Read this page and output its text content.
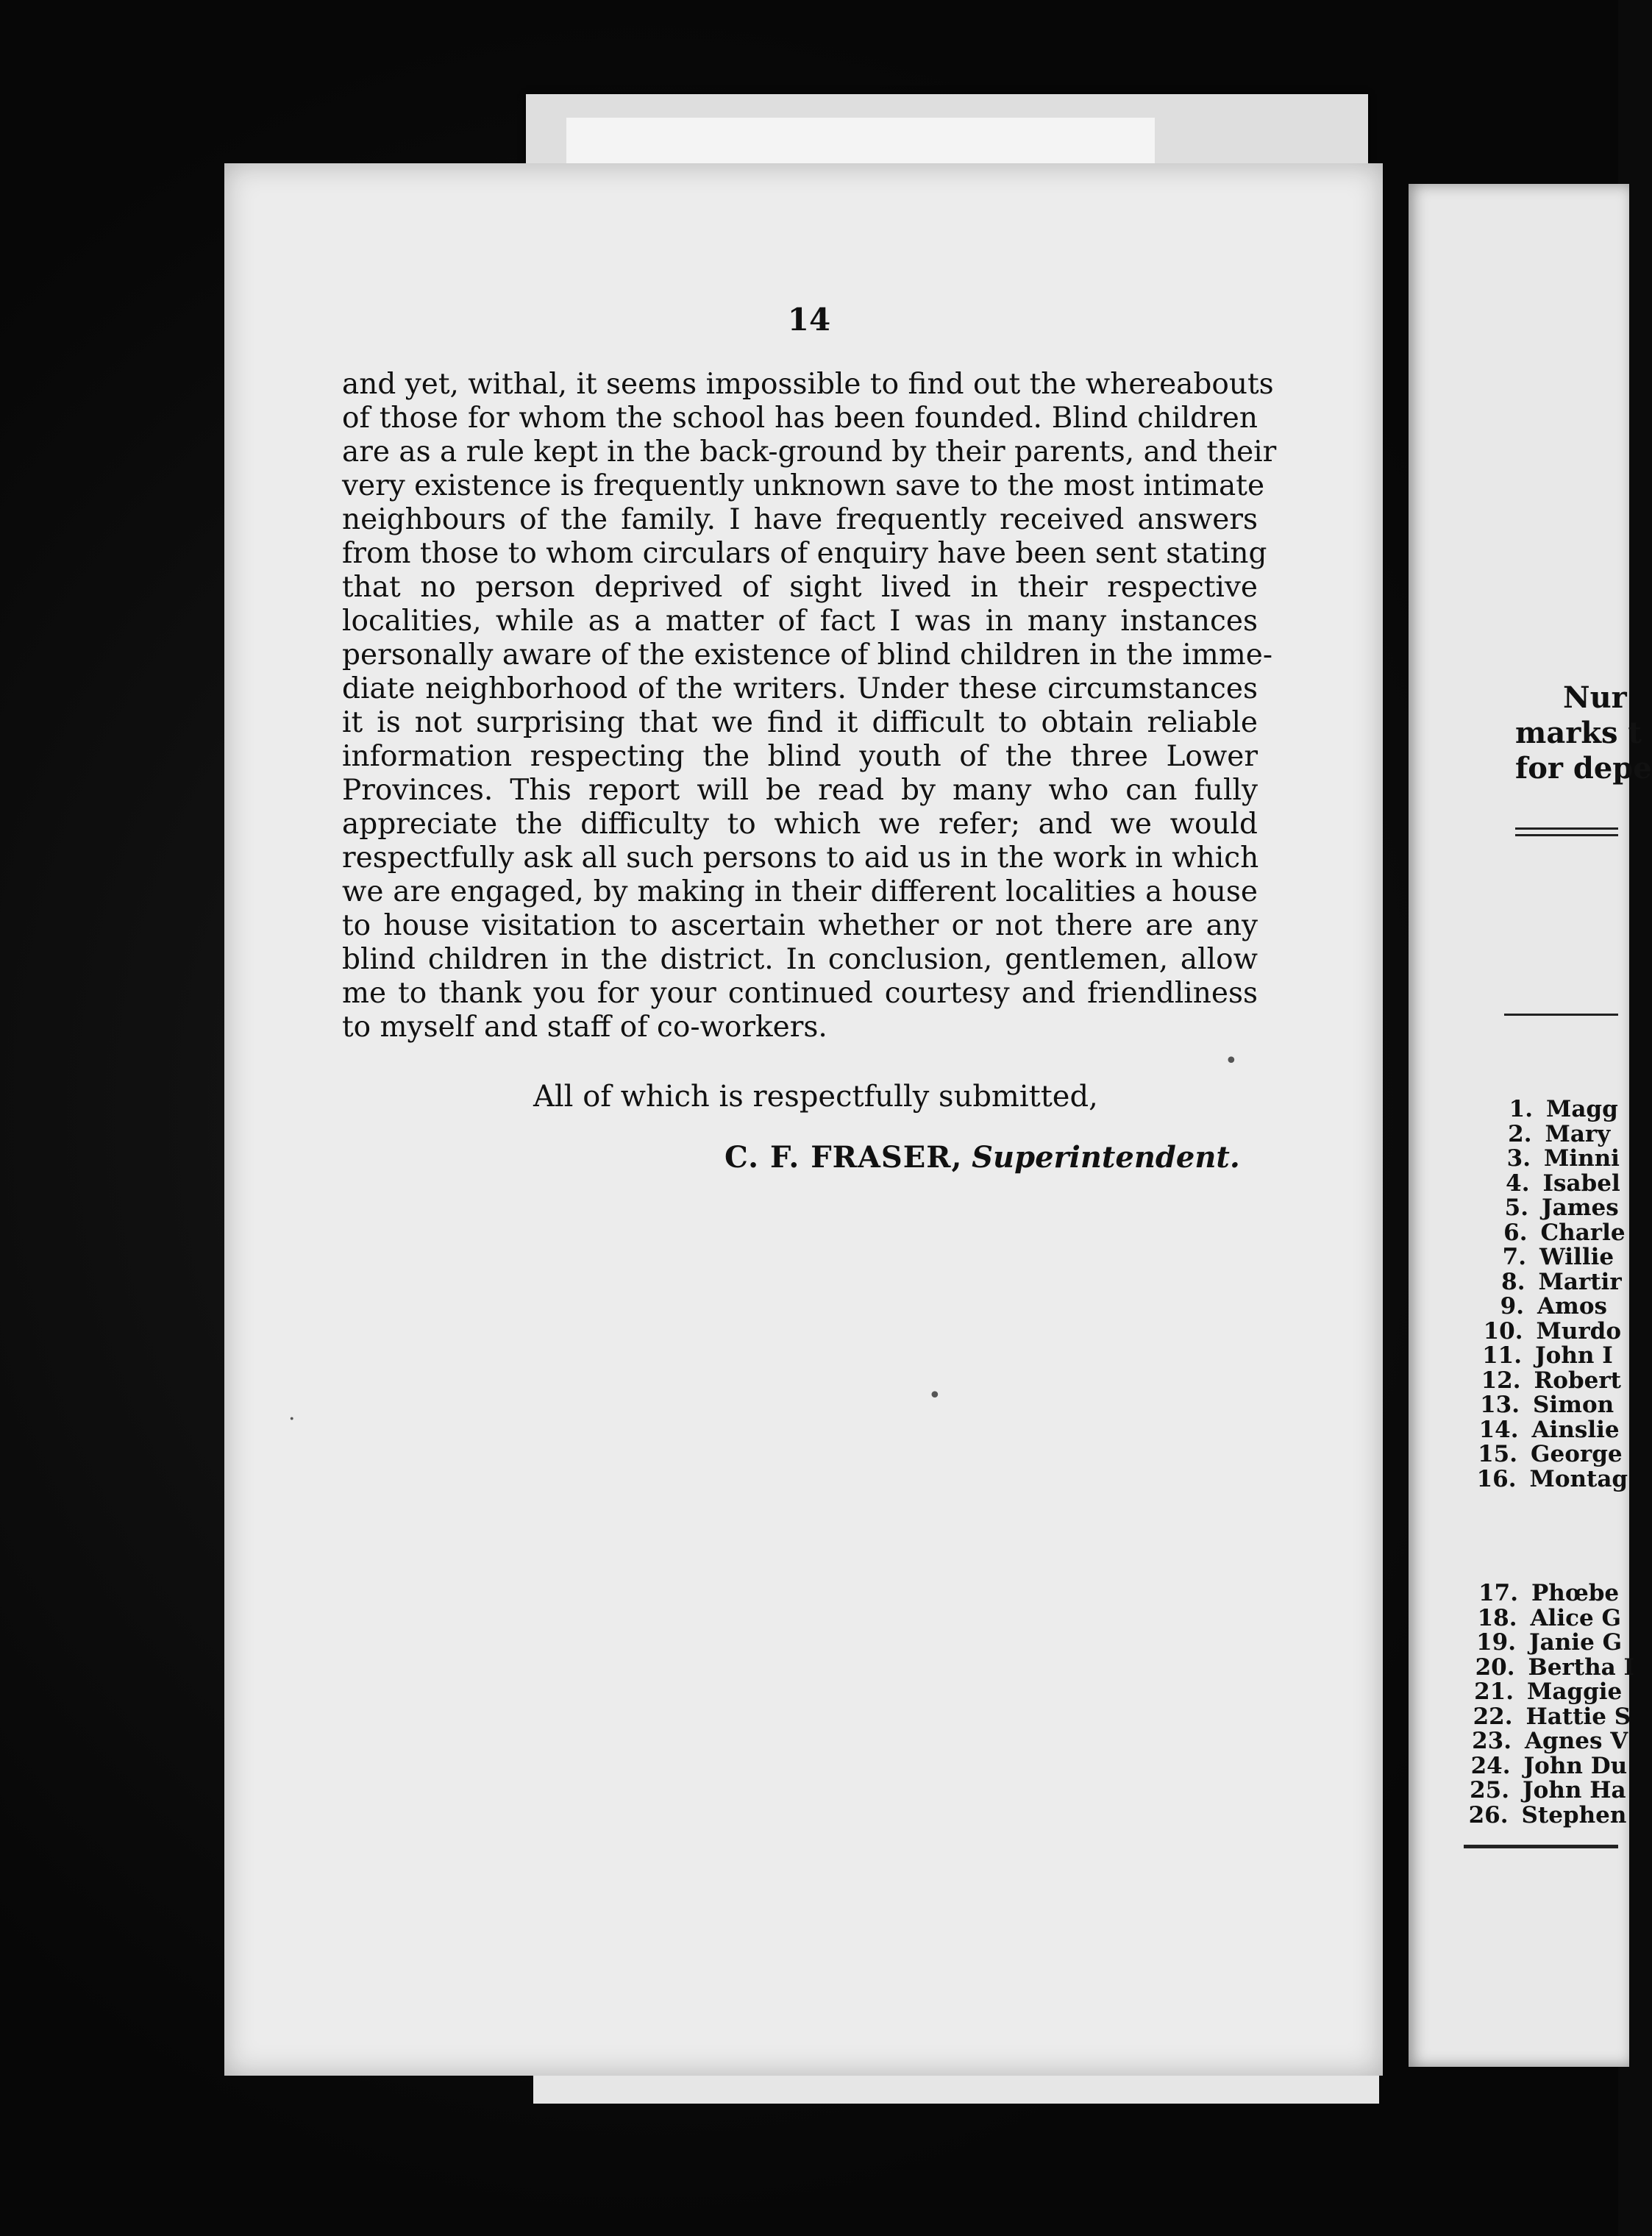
14
and yet, withal, it seems impossible to find out the whereabouts
of those for whom the school has been founded. Blind children
are as a rule kept in the back-ground by their parents, and their
very existence is frequently unknown save to the most intimate
neighbours of the family. I have frequently received answers
from those to whom circulars of enquiry have been sent stating
that no person deprived of sight lived in their respective
localities, while as a matter of fact I was in many instances
personally aware of the existence of blind children in the imme-
diate neighborhood of the writers. Under these circumstances
it is not surprising that we find it difficult to obtain reliable
information respecting the blind youth of the three Lower
Provinces. This report will be read by many who can fully
appreciate the difficulty to which we refer; and we would
respectfully ask all such persons to aid us in the work in which
we are engaged, by making in their different localities a house
to house visitation to ascertain whether or not there are any
blind children in the district. In conclusion, gentlemen, allow
me to thank you for your continued courtesy and friendliness
to myself and staff of co-workers.
All of which is respectfully submitted,
C. F. FRASER, Superintendent.
Nur
marks t
for depe
1. Magg
2. Mary
3. Minni
4. Isabel
5. James
6. Charle
7. Willie
8. Martir
9. Amos
10. Murdo
11. John I
12. Robert
13. Simon
14. Ainslie
15. George
16. Montag
17. Phœbe
18. Alice G
19. Janie G
20. Bertha I
21. Maggie
22. Hattie S
23. Agnes V
24. John Du
25. John Ha
26. Stephen
•
•
·
